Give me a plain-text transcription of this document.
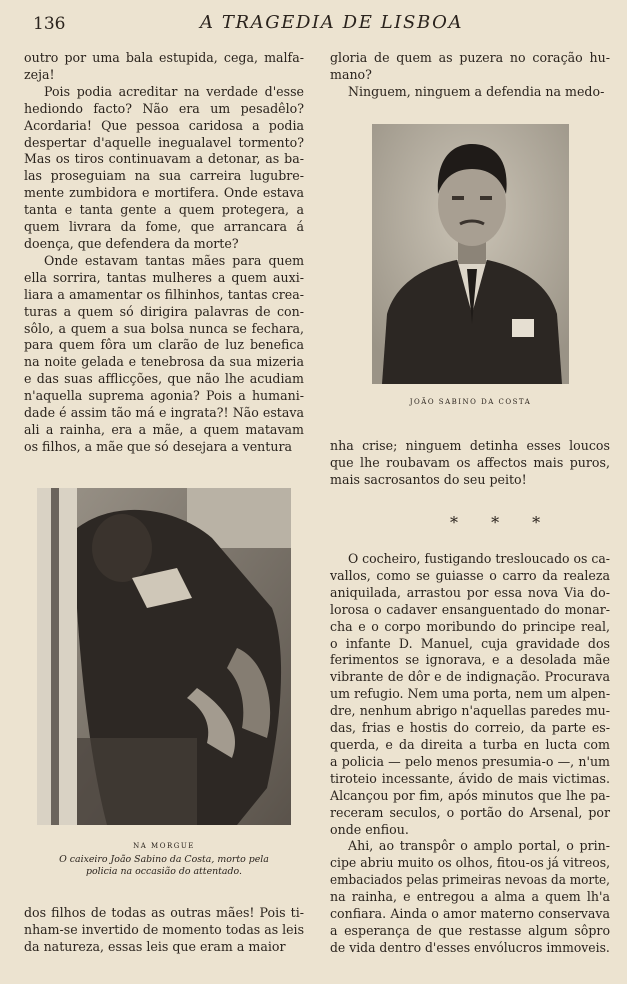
136	A TRAGEDIA DE LISBOA
outro por uma bala estupida, cega, malfa-
zeja!
Pois podia acreditar na verdade d'esse
hediondo facto? Não era um pesadêlo?
Acordaria! Que pessoa caridosa a podia
despertar d'aquelle inegualavel tormento?
Mas os tiros continuavam a detonar, as ba-
las proseguiam na sua carreira lugubre-
mente zumbidora e mortifera. Onde estava
tanta e tanta gente a quem protegera, a
quem livrara da fome, que arrancara á
doença, que defendera da morte?
Onde estavam tantas mães para quem
ella sorrira, tantas mulheres a quem auxi-
liara a amamentar os filhinhos, tantas crea-
turas a quem só dirigira palavras de con-
sôlo, a quem a sua bolsa nunca se fechara,
para quem fôra um clarão de luz benefica
na noite gelada e tenebrosa da sua mizeria
e das suas afflicções, que não lhe acudiam
n'aquella suprema agonia? Pois a humani-
dade é assim tão má e ingrata?! Não estava
ali a rainha, era a mãe, a quem matavam
os filhos, a mãe que só desejara a ventura
NA MORGUE
O caixeiro João Sabino da Costa, morto pela
policia na occasião do attentado.
dos filhos de todas as outras mães! Pois ti-
nham-se invertido de momento todas as leis
da natureza, essas leis que eram a maior
gloria de quem as puzera no coração hu-
mano?
Ninguem, ninguem a defendia na medo-
JOÃO SABINO DA COSTA
nha crise; ninguem detinha esses loucos
que lhe roubavam os affectos mais puros,
mais sacrosantos do seu peito!
* * *
O cocheiro, fustigando tresloucado os ca-
vallos, como se guiasse o carro da realeza
aniquilada, arrastou por essa nova Via do-
lorosa o cadaver ensanguentado do monar-
cha e o corpo moribundo do principe real,
o infante D. Manuel, cuja gravidade dos
ferimentos se ignorava, e a desolada mãe
vibrante de dôr e de indignação. Procurava
um refugio. Nem uma porta, nem um alpen-
dre, nenhum abrigo n'aquellas paredes mu-
das, frias e hostis do correio, da parte es-
querda, e da direita a turba en lucta com
a policia — pelo menos presumia-o —, n'um
tiroteio incessante, ávido de mais victimas.
Alcançou por fim, após minutos que lhe pa-
receram seculos, o portão do Arsenal, por
onde enfiou.
Ahi, ao transpôr o amplo portal, o prin-
cipe abriu muito os olhos, fitou-os já vitreos,
embaciados pelas primeiras nevoas da morte,
na rainha, e entregou a alma a quem lh'a
confiara. Ainda o amor materno conservava
a esperança de que restasse algum sôpro
de vida dentro d'esses envólucros immoveis.
